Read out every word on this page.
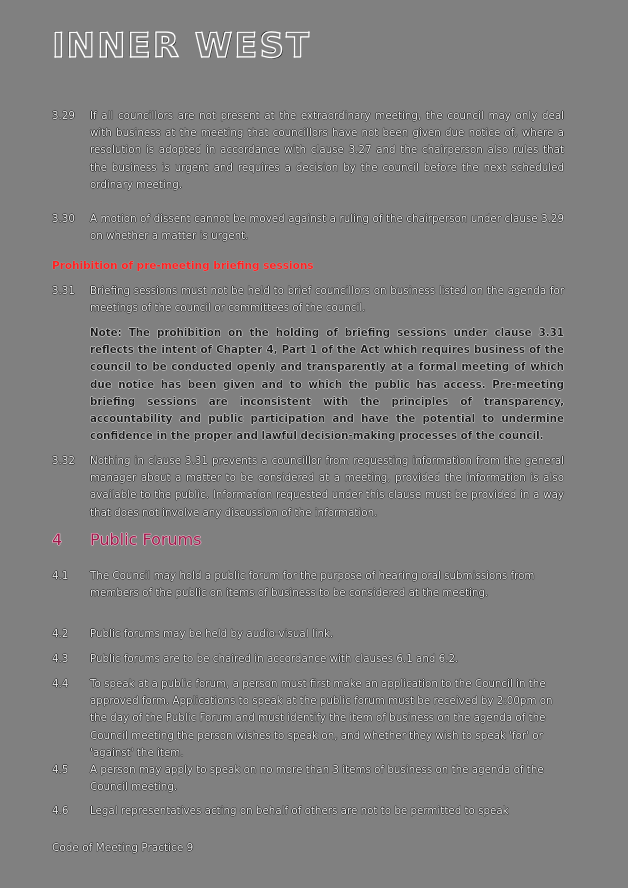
INNER WEST
3.29	If all councillors are not present at the extraordinary meeting, the council may only deal with business at the meeting that councillors have not been given due notice of, where a resolution is adopted in accordance with clause 3.27 and the chairperson also rules that the business is urgent and requires a decision by the council before the next scheduled ordinary meeting.
3.30	A motion of dissent cannot be moved against a ruling of the chairperson under clause 3.29 on whether a matter is urgent.
Prohibition of pre-meeting briefing sessions
3.31	Briefing sessions must not be held to brief councillors on business listed on the agenda for meetings of the council or committees of the council.
Note: The prohibition on the holding of briefing sessions under clause 3.31 reflects the intent of Chapter 4, Part 1 of the Act which requires business of the council to be conducted openly and transparently at a formal meeting of which due notice has been given and to which the public has access. Pre-meeting briefing sessions are inconsistent with the principles of transparency, accountability and public participation and have the potential to undermine confidence in the proper and lawful decision-making processes of the council.
3.32	Nothing in clause 3.31 prevents a councillor from requesting information from the general manager about a matter to be considered at a meeting, provided the information is also available to the public. Information requested under this clause must be provided in a way that does not involve any discussion of the information.
4 Public Forums
4.1	The Council may hold a public forum for the purpose of hearing oral submissions from members of the public on items of business to be considered at the meeting.
4.2	Public forums may be held by audio-visual link.
4.3	Public forums are to be chaired in accordance with clauses 6.1 and 6.2.
4.4	To speak at a public forum, a person must first make an application to the Council in the approved form. Applications to speak at the public forum must be received by 2:00pm on the day of the Public Forum and must identify the item of business on the agenda of the Council meeting the person wishes to speak on, and whether they wish to speak 'for' or 'against' the item.
4.5	A person may apply to speak on no more than 3 items of business on the agenda of the Council meeting.
4.6	Legal representatives acting on behalf of others are not to be permitted to speak
Code of Meeting Practice 9
